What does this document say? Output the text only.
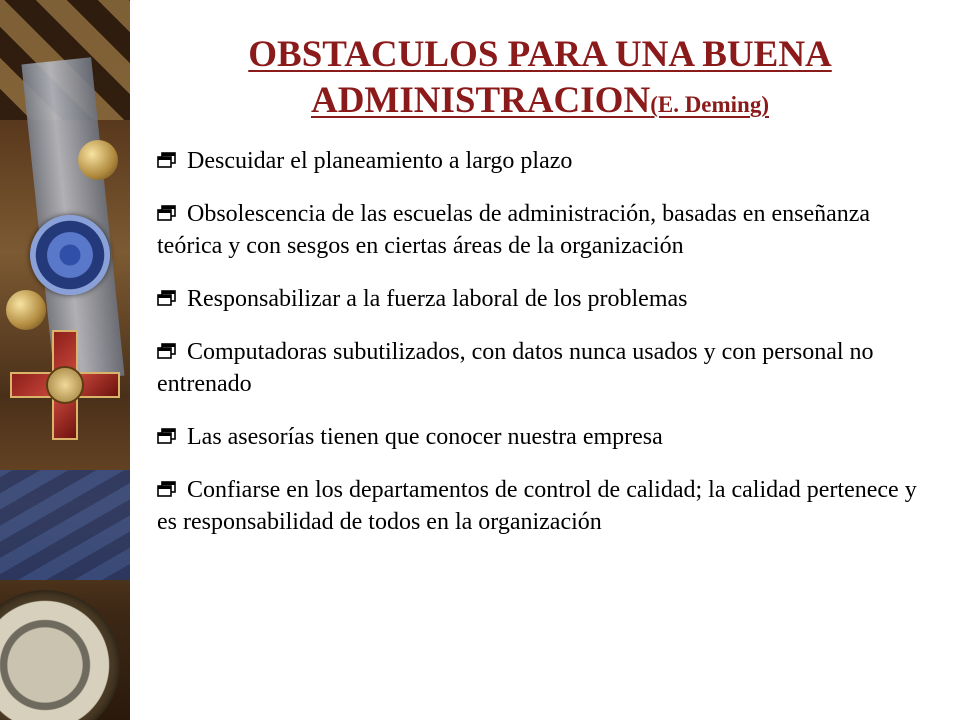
OBSTACULOS PARA UNA BUENA ADMINISTRACION(E. Deming)
Descuidar el planeamiento a largo plazo
Obsolescencia de las escuelas de administración, basadas en enseñanza teórica y con sesgos en ciertas áreas de la organización
Responsabilizar a la fuerza laboral de los problemas
Computadoras subutilizados, con datos nunca usados y con personal no entrenado
Las asesorías tienen que conocer nuestra empresa
Confiarse en los departamentos de control de calidad; la calidad pertenece y es responsabilidad de todos en la organización
